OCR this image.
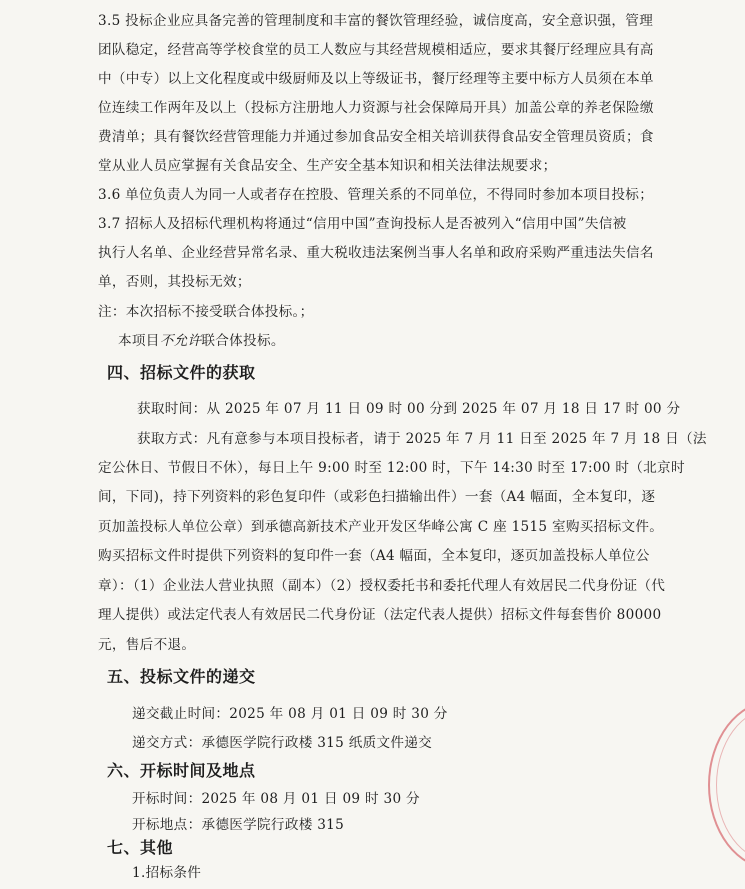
3.5 投标企业应具备完善的管理制度和丰富的餐饮管理经验，诚信度高，安全意识强，管理
团队稳定，经营高等学校食堂的员工人数应与其经营规模相适应，要求其餐厅经理应具有高
中（中专）以上文化程度或中级厨师及以上等级证书，餐厅经理等主要中标方人员须在本单
位连续工作两年及以上（投标方注册地人力资源与社会保障局开具）加盖公章的养老保险缴
费清单；具有餐饮经营管理能力并通过参加食品安全相关培训获得食品安全管理员资质；食
堂从业人员应掌握有关食品安全、生产安全基本知识和相关法律法规要求；
3.6 单位负责人为同一人或者存在控股、管理关系的不同单位，不得同时参加本项目投标；
3.7 招标人及招标代理机构将通过“信用中国”查询投标人是否被列入“信用中国”失信被
执行人名单、企业经营异常名录、重大税收违法案例当事人名单和政府采购严重违法失信名
单，否则，其投标无效；
注：本次招标不接受联合体投标。；
本项目不允许联合体投标。
四、招标文件的获取
获取时间：从 2025 年 07 月 11 日 09 时 00 分到 2025 年 07 月 18 日 17 时 00 分
获取方式：凡有意参与本项目投标者，请于 2025 年 7 月 11 日至 2025 年 7 月 18 日（法
定公休日、节假日不休），每日上午 9:00 时至 12:00 时，下午 14:30 时至 17:00 时（北京时
间，下同)，持下列资料的彩色复印件（或彩色扫描输出件）一套（A4 幅面，全本复印，逐
页加盖投标人单位公章）到承德高新技术产业开发区华峰公寓 C 座 1515 室购买招标文件。
购买招标文件时提供下列资料的复印件一套（A4 幅面，全本复印，逐页加盖投标人单位公
章）：（1）企业法人营业执照（副本）（2）授权委托书和委托代理人有效居民二代身份证（代
理人提供）或法定代表人有效居民二代身份证（法定代表人提供）招标文件每套售价 80000
元，售后不退。
五、投标文件的递交
递交截止时间：2025 年 08 月 01 日 09 时 30 分
递交方式：承德医学院行政楼 315 纸质文件递交
六、开标时间及地点
开标时间：2025 年 08 月 01 日 09 时 30 分
开标地点：承德医学院行政楼 315
七、其他
1.招标条件
